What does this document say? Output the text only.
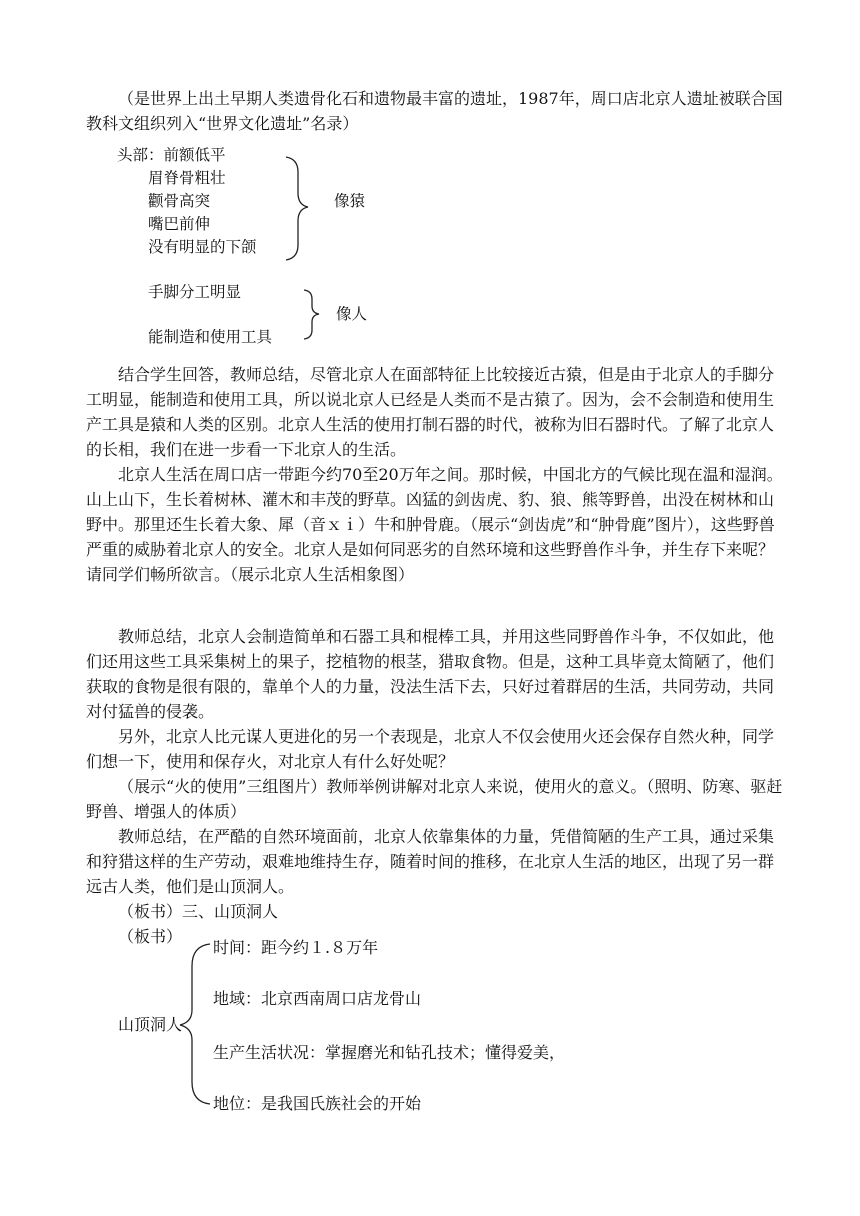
（是世界上出土早期人类遗骨化石和遗物最丰富的遗址，1987年，周口店北京人遗址被联合国教科文组织列入“世界文化遗址”名录）

头部：前额低平
眉脊骨粗壮
颧骨高突
嘴巴前伸
没有明显的下颌
像猿
手脚分工明显
能制造和使用工具
像人

结合学生回答，教师总结，尽管北京人在面部特征上比较接近古猿，但是由于北京人的手脚分工明显，能制造和使用工具，所以说北京人已经是人类而不是古猿了。因为，会不会制造和使用生产工具是猿和人类的区别。北京人生活的使用打制石器的时代，被称为旧石器时代。了解了北京人的长相，我们在进一步看一下北京人的生活。

北京人生活在周口店一带距今约70至20万年之间。那时候，中国北方的气候比现在温和湿润。山上山下，生长着树林、灌木和丰茂的野草。凶猛的剑齿虎、豹、狼、熊等野兽，出没在树林和山野中。那里还生长着大象、犀（音ｘｉ）牛和肿骨鹿。（展示“剑齿虎”和“肿骨鹿”图片），这些野兽严重的威胁着北京人的安全。北京人是如何同恶劣的自然环境和这些野兽作斗争，并生存下来呢？请同学们畅所欲言。（展示北京人生活相象图）

教师总结，北京人会制造简单和石器工具和棍棒工具，并用这些同野兽作斗争，不仅如此，他们还用这些工具采集树上的果子，挖植物的根茎，猎取食物。但是，这种工具毕竟太简陋了，他们获取的食物是很有限的，靠单个人的力量，没法生活下去，只好过着群居的生活，共同劳动，共同对付猛兽的侵袭。

另外，北京人比元谋人更进化的另一个表现是，北京人不仅会使用火还会保存自然火种，同学们想一下，使用和保存火，对北京人有什么好处呢？

（展示“火的使用”三组图片）教师举例讲解对北京人来说，使用火的意义。（照明、防寒、驱赶野兽、增强人的体质）

教师总结，在严酷的自然环境面前，北京人依靠集体的力量，凭借简陋的生产工具，通过采集和狩猎这样的生产劳动，艰难地维持生存，随着时间的推移，在北京人生活的地区，出现了另一群远古人类，他们是山顶洞人。

（板书）三、山顶洞人
（板书）
山顶洞人
时间：距今约１.８万年
地域：北京西南周口店龙骨山
生产生活状况：掌握磨光和钻孔技术；懂得爱美，
地位：是我国氏族社会的开始
